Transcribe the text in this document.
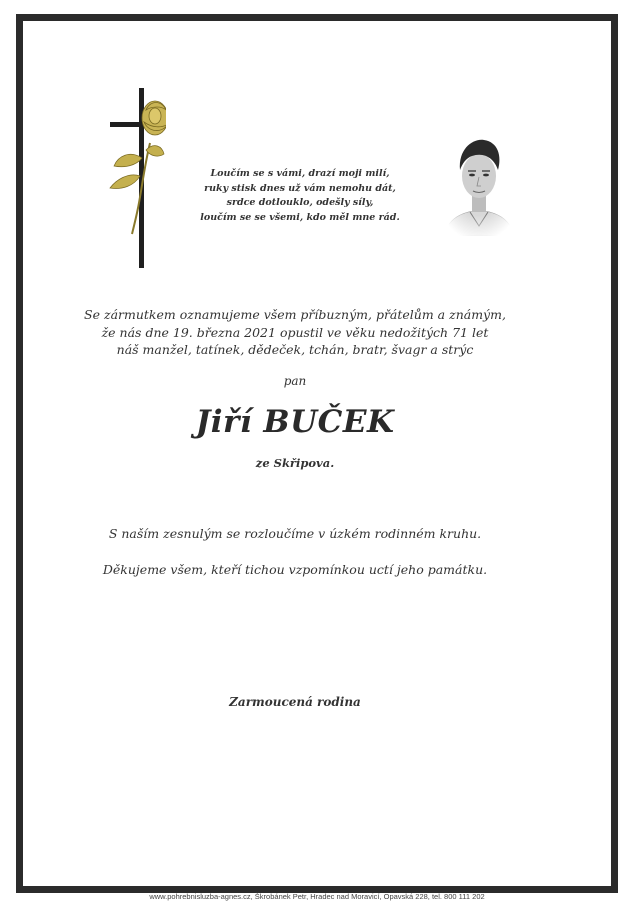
Loučím se s vámi, drazí moji milí,
ruky stisk dnes už vám nemohu dát,
srdce dotlouklo, odešly síly,
loučím se se všemi, kdo měl mne rád.
Se zármutkem oznamujeme všem příbuzným, přátelům a známým,
že nás dne 19. března 2021 opustil ve věku nedožitých 71 let
náš manžel, tatínek, dědeček, tchán, bratr, švagr a strýc
pan
Jiří BUČEK
ze Skřipova.
S naším zesnulým se rozloučíme v úzkém rodinném kruhu.
Děkujeme všem, kteří tichou vzpomínkou uctí jeho památku.
Zarmoucená rodina
www.pohrebnisluzba-agnes.cz, Škrobánek Petr, Hradec nad Moravicí, Opavská 228, tel. 800 111 202
